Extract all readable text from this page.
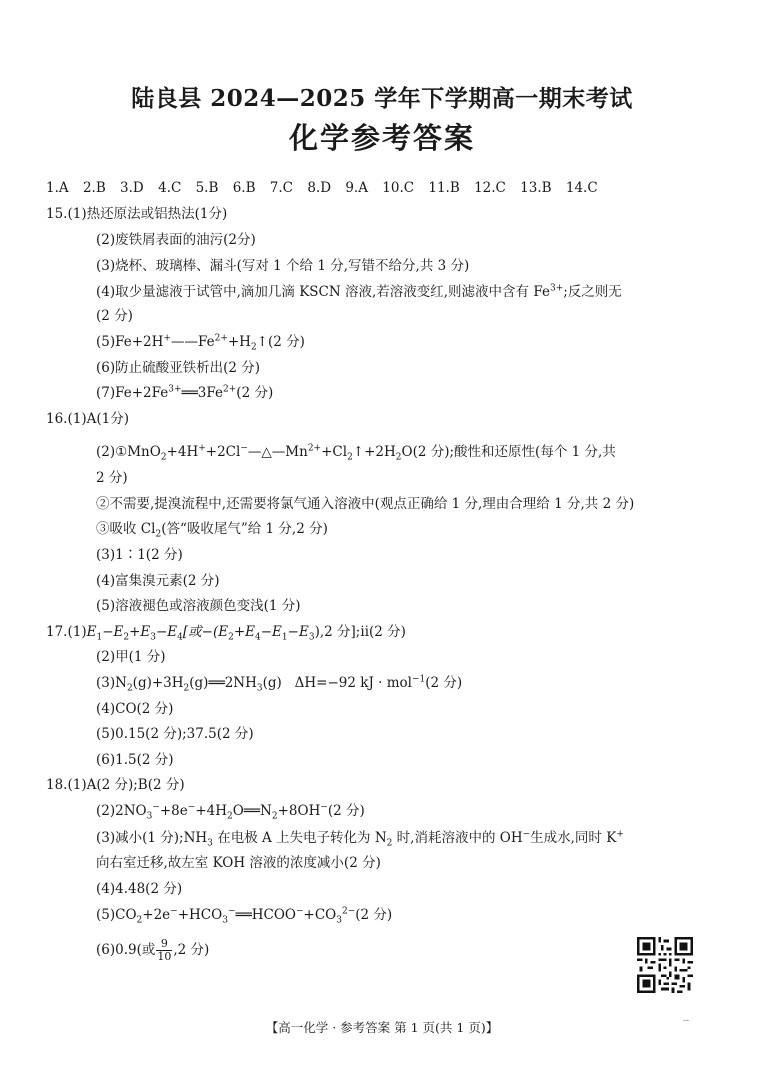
陆良县 2024—2025 学年下学期高一期末考试
化学参考答案
1.A 2.B 3.D 4.C 5.B 6.B 7.C 8.D 9.A 10.C 11.B 12.C 13.B 14.C
15.(1)热还原法或铝热法(1分)
(2)废铁屑表面的油污(2分)
(3)烧杯、玻璃棒、漏斗(写对 1 个给 1 分,写错不给分,共 3 分)
(4)取少量滤液于试管中,滴加几滴 KSCN 溶液,若溶液变红,则滤液中含有 $Fe^{3+}$;反之则无
(2 分)
$(5)Fe+2H^+——Fe^{2+}+H_2↑(2$ 分)
(6)防止硫酸亚铁析出(2 分)
$(7)Fe+2Fe^{3+}══3Fe^{2+}(2$ 分)
16.(1)A(1分)
$(2)①MnO_2+4H^++2Cl^-—\triangle—Mn^{2+}+Cl_2↑+2H_2O(2$ 分);酸性和还原性(每个 1 分,共
2 分)
②不需要,提溴流程中,还需要将氯气通入溶液中(观点正确给 1 分,理由合理给 1 分,共 2 分)
③吸收 $Cl_2$(答“吸收尾气”给 1 分,2 分)
(3)1∶1(2 分)
(4)富集溴元素(2 分)
(5)溶液褪色或溶液颜色变浅(1 分)
$17.(1)E_1-E_2+E_3-E_4$[或$-(E_2+E_4-E_1-E_3),2$ 分];ⅱ(2 分)
(2)甲(1 分)
$(3)N_2(g)+3H_2(g)══2NH_3(g)$   ΔH=−92 kJ · mol$^{-1}$(2 分)
(4)CO(2 分)
(5)0.15(2 分);37.5(2 分)
(6)1.5(2 分)
18.(1)A(2 分);B(2 分)
$(2)2NO_3^-+8e^-+4H_2O══N_2+8OH^-(2$ 分)
(3)减小(1 分)$;NH_3$ 在电极 A 上失电子转化为 $N_2$ 时,消耗溶液中的 OH−生成水,同时 K+
向右室迁移,故左室 KOH 溶液的浓度减小(2 分)
(4)4.48(2 分)
$(5)CO_2+2e^-+HCO_3^-══HCOO^-+CO_3^{2-}(2$ 分)
(6)0.9(或 $\frac{9}{10} ,2$ 分)
【高一化学 · 参考答案 第 1 页(共 1 页)】	--
